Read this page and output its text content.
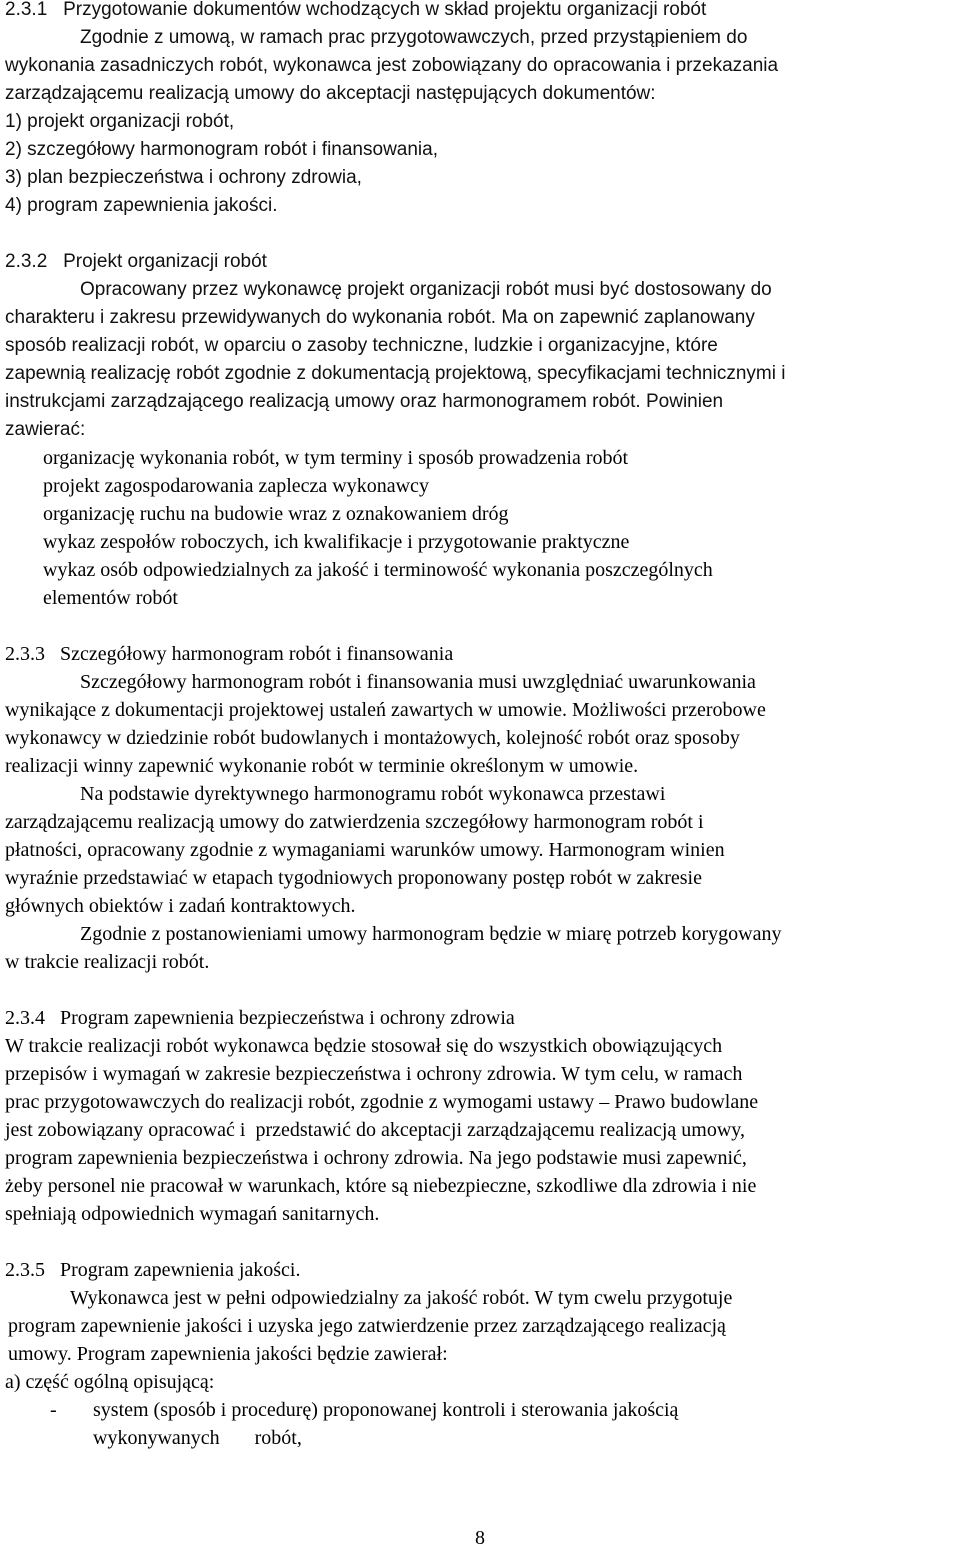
2.3.1   Przygotowanie dokumentów wchodzących w skład projektu organizacji robót
Zgodnie z umową, w ramach prac przygotowawczych, przed przystąpieniem do
wykonania zasadniczych robót, wykonawca jest zobowiązany do opracowania i przekazania
zarządzającemu realizacją umowy do akceptacji następujących dokumentów:
1) projekt organizacji robót,
2) szczegółowy harmonogram robót i finansowania,
3) plan bezpieczeństwa i ochrony zdrowia,
4) program zapewnienia jakości.
2.3.2   Projekt organizacji robót
Opracowany przez wykonawcę projekt organizacji robót musi być dostosowany do
charakteru i zakresu przewidywanych do wykonania robót. Ma on zapewnić zaplanowany
sposób realizacji robót, w oparciu o zasoby techniczne, ludzkie i organizacyjne, które
zapewnią realizację robót zgodnie z dokumentacją projektową, specyfikacjami technicznymi i
instrukcjami zarządzającego realizacją umowy oraz harmonogramem robót. Powinien
zawierać:
organizację wykonania robót, w tym terminy i sposób prowadzenia robót
projekt zagospodarowania zaplecza wykonawcy
organizację ruchu na budowie wraz z oznakowaniem dróg
wykaz zespołów roboczych, ich kwalifikacje i przygotowanie praktyczne
wykaz osób odpowiedzialnych za jakość i terminowość wykonania poszczególnych
elementów robót
2.3.3   Szczegółowy harmonogram robót i finansowania
Szczegółowy harmonogram robót i finansowania musi uwzględniać uwarunkowania
wynikające z dokumentacji projektowej ustaleń zawartych w umowie. Możliwości przerobowe
wykonawcy w dziedzinie robót budowlanych i montażowych, kolejność robót oraz sposoby
realizacji winny zapewnić wykonanie robót w terminie określonym w umowie.
Na podstawie dyrektywnego harmonogramu robót wykonawca przestawi
zarządzającemu realizacją umowy do zatwierdzenia szczegółowy harmonogram robót i
płatności, opracowany zgodnie z wymaganiami warunków umowy. Harmonogram winien
wyraźnie przedstawiać w etapach tygodniowych proponowany postęp robót w zakresie
głównych obiektów i zadań kontraktowych.
Zgodnie z postanowieniami umowy harmonogram będzie w miarę potrzeb korygowany
w trakcie realizacji robót.
2.3.4   Program zapewnienia bezpieczeństwa i ochrony zdrowia
W trakcie realizacji robót wykonawca będzie stosował się do wszystkich obowiązujących
przepisów i wymagań w zakresie bezpieczeństwa i ochrony zdrowia. W tym celu, w ramach
prac przygotowawczych do realizacji robót, zgodnie z wymogami ustawy – Prawo budowlane
jest zobowiązany opracować i  przedstawić do akceptacji zarządzającemu realizacją umowy,
program zapewnienia bezpieczeństwa i ochrony zdrowia. Na jego podstawie musi zapewnić,
żeby personel nie pracował w warunkach, które są niebezpieczne, szkodliwe dla zdrowia i nie
spełniają odpowiednich wymagań sanitarnych.
2.3.5   Program zapewnienia jakości.
Wykonawca jest w pełni odpowiedzialny za jakość robót. W tym cwelu przygotuje
program zapewnienie jakości i uzyska jego zatwierdzenie przez zarządzającego realizacją
umowy. Program zapewnienia jakości będzie zawierał:
a) część ogólną opisującą:
-	system (sposób i procedurę) proponowanej kontroli i sterowania jakością
wykonywanych       robót,
8
